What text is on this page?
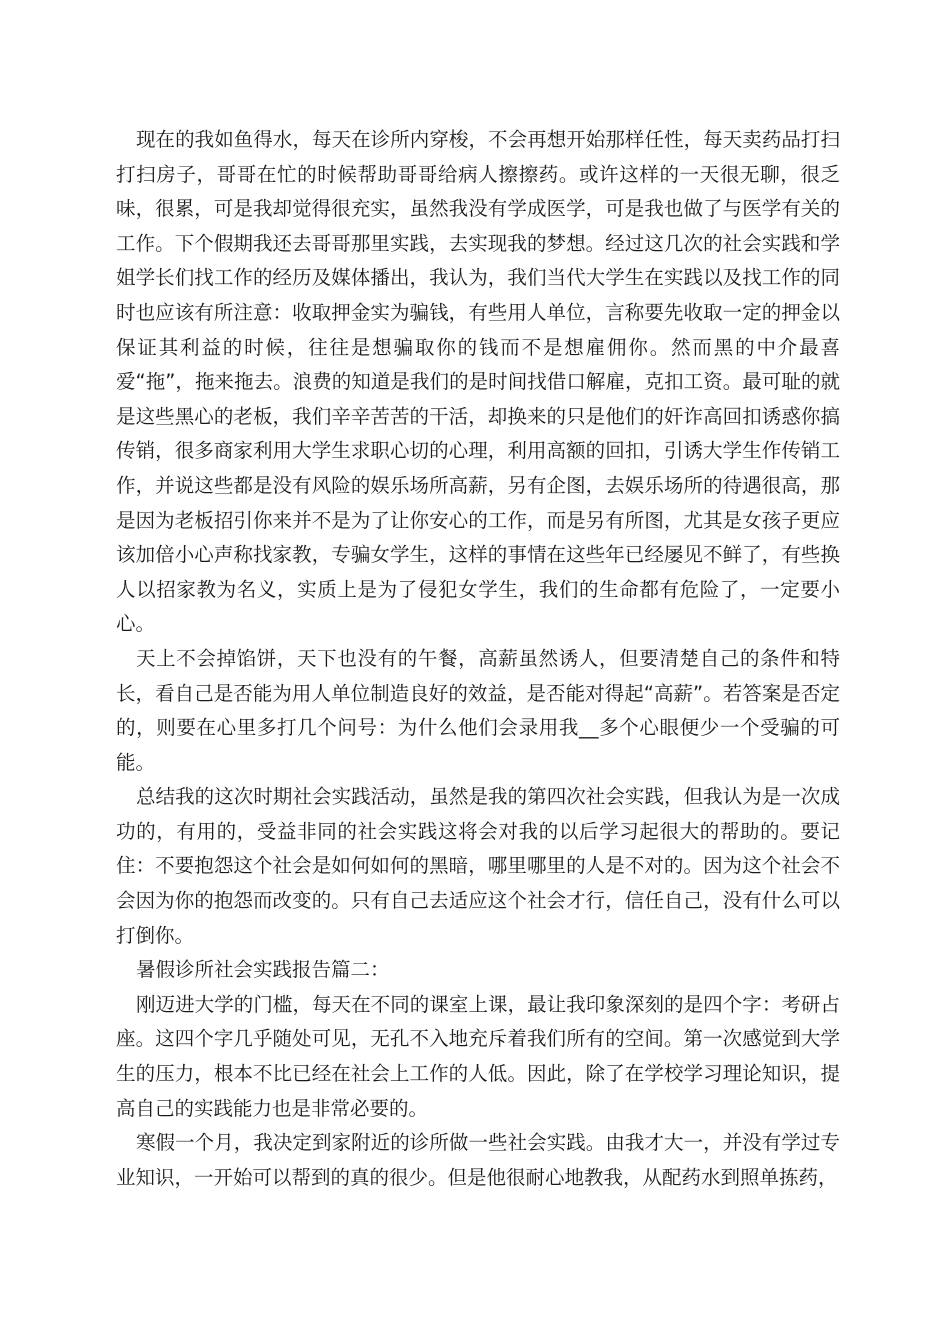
现在的我如鱼得水，每天在诊所内穿梭，不会再想开始那样任性，每天卖药品打扫打扫房子，哥哥在忙的时候帮助哥哥给病人擦擦药。或许这样的一天很无聊，很乏味，很累，可是我却觉得很充实，虽然我没有学成医学，可是我也做了与医学有关的工作。下个假期我还去哥哥那里实践，去实现我的梦想。经过这几次的社会实践和学姐学长们找工作的经历及媒体播出，我认为，我们当代大学生在实践以及找工作的同时也应该有所注意：收取押金实为骗钱，有些用人单位，言称要先收取一定的押金以保证其利益的时候，往往是想骗取你的钱而不是想雇佣你。然而黑的中介最喜爱“拖”，拖来拖去。浪费的知道是我们的是时间找借口解雇，克扣工资。最可耻的就是这些黑心的老板，我们辛辛苦苦的干活，却换来的只是他们的奸诈高回扣诱惑你搞传销，很多商家利用大学生求职心切的心理，利用高额的回扣，引诱大学生作传销工作，并说这些都是没有风险的娱乐场所高薪，另有企图，去娱乐场所的待遇很高，那是因为老板招引你来并不是为了让你安心的工作，而是另有所图，尤其是女孩子更应该加倍小心声称找家教，专骗女学生，这样的事情在这些年已经屡见不鲜了，有些换人以招家教为名义，实质上是为了侵犯女学生，我们的生命都有危险了，一定要小心。

天上不会掉馅饼，天下也没有的午餐，高薪虽然诱人，但要清楚自己的条件和特长，看自己是否能为用人单位制造良好的效益，是否能对得起“高薪”。若答案是否定的，则要在心里多打几个问号：为什么他们会录用我__多个心眼便少一个受骗的可能。

总结我的这次时期社会实践活动，虽然是我的第四次社会实践，但我认为是一次成功的，有用的，受益非同的社会实践这将会对我的以后学习起很大的帮助的。要记住：不要抱怨这个社会是如何如何的黑暗，哪里哪里的人是不对的。因为这个社会不会因为你的抱怨而改变的。只有自己去适应这个社会才行，信任自己，没有什么可以打倒你。

暑假诊所社会实践报告篇二：

刚迈进大学的门槛，每天在不同的课室上课，最让我印象深刻的是四个字：考研占座。这四个字几乎随处可见，无孔不入地充斥着我们所有的空间。第一次感觉到大学生的压力，根本不比已经在社会上工作的人低。因此，除了在学校学习理论知识，提高自己的实践能力也是非常必要的。

寒假一个月，我决定到家附近的诊所做一些社会实践。由我才大一，并没有学过专业知识，一开始可以帮到的真的很少。但是他很耐心地教我，从配药水到照单拣药，
